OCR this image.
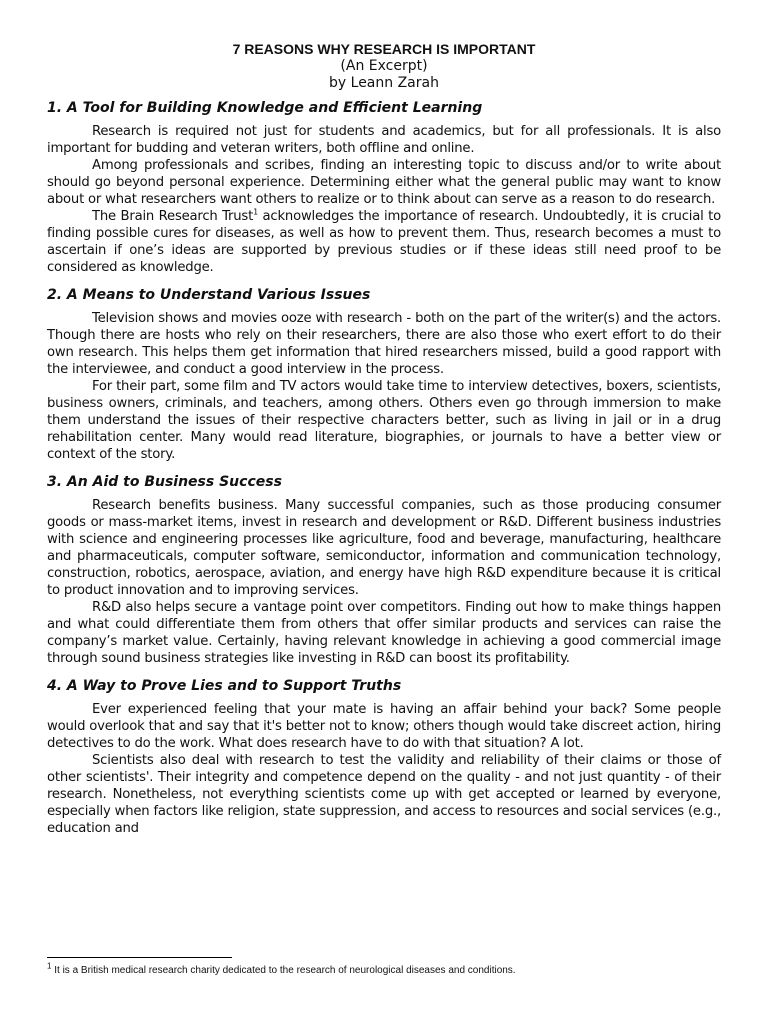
7 REASONS WHY RESEARCH IS IMPORTANT
(An Excerpt)
by Leann Zarah

1. A Tool for Building Knowledge and Efficient Learning

Research is required not just for students and academics, but for all professionals. It is also important for budding and veteran writers, both offline and online.

Among professionals and scribes, finding an interesting topic to discuss and/or to write about should go beyond personal experience. Determining either what the general public may want to know about or what researchers want others to realize or to think about can serve as a reason to do research.

The Brain Research Trust$^1$ acknowledges the importance of research. Undoubtedly, it is crucial to finding possible cures for diseases, as well as how to prevent them. Thus, research becomes a must to ascertain if one’s ideas are supported by previous studies or if these ideas still need proof to be considered as knowledge.

2. A Means to Understand Various Issues

Television shows and movies ooze with research - both on the part of the writer(s) and the actors. Though there are hosts who rely on their researchers, there are also those who exert effort to do their own research. This helps them get information that hired researchers missed, build a good rapport with the interviewee, and conduct a good interview in the process.

For their part, some film and TV actors would take time to interview detectives, boxers, scientists, business owners, criminals, and teachers, among others. Others even go through immersion to make them understand the issues of their respective characters better, such as living in jail or in a drug rehabilitation center. Many would read literature, biographies, or journals to have a better view or context of the story.

3. An Aid to Business Success

Research benefits business. Many successful companies, such as those producing consumer goods or mass-market items, invest in research and development or R&D. Different business industries with science and engineering processes like agriculture, food and beverage, manufacturing, healthcare and pharmaceuticals, computer software, semiconductor, information and communication technology, construction, robotics, aerospace, aviation, and energy have high R&D expenditure because it is critical to product innovation and to improving services.

R&D also helps secure a vantage point over competitors. Finding out how to make things happen and what could differentiate them from others that offer similar products and services can raise the company’s market value. Certainly, having relevant knowledge in achieving a good commercial image through sound business strategies like investing in R&D can boost its profitability.

4. A Way to Prove Lies and to Support Truths

Ever experienced feeling that your mate is having an affair behind your back? Some people would overlook that and say that it's better not to know; others though would take discreet action, hiring detectives to do the work. What does research have to do with that situation? A lot.

Scientists also deal with research to test the validity and reliability of their claims or those of other scientists'. Their integrity and competence depend on the quality - and not just quantity - of their research. Nonetheless, not everything scientists come up with get accepted or learned by everyone, especially when factors like religion, state suppression, and access to resources and social services (e.g., education and

$^1$ It is a British medical research charity dedicated to the research of neurological diseases and conditions.
